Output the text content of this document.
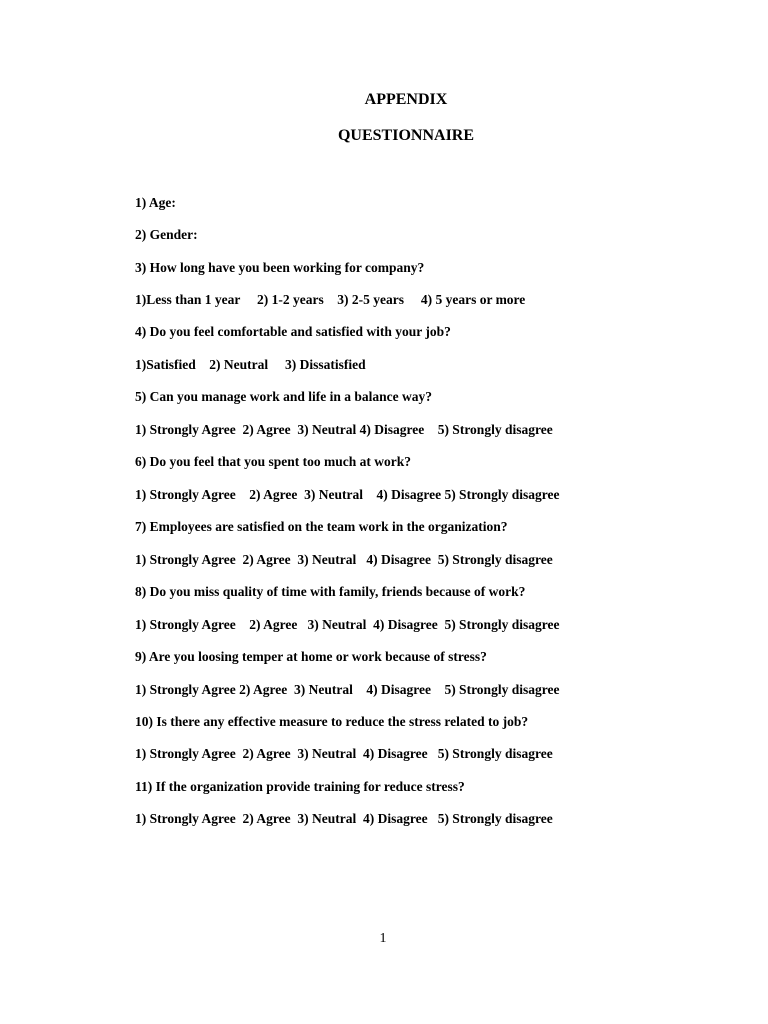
APPENDIX
QUESTIONNAIRE
1) Age:
2) Gender:
3) How long have you been working for company?
1)Less than 1 year     2) 1-2 years    3) 2-5 years     4) 5 years or more
4) Do you feel comfortable and satisfied with your job?
1)Satisfied    2) Neutral     3) Dissatisfied
5) Can you manage work and life in a balance way?
1) Strongly Agree  2) Agree  3) Neutral 4) Disagree    5) Strongly disagree
6) Do you feel that you spent too much at work?
1) Strongly Agree    2) Agree  3) Neutral    4) Disagree 5) Strongly disagree
7) Employees are satisfied on the team work in the organization?
1) Strongly Agree  2) Agree  3) Neutral   4) Disagree  5) Strongly disagree
8) Do you miss quality of time with family, friends because of work?
1) Strongly Agree    2) Agree   3) Neutral  4) Disagree  5) Strongly disagree
9) Are you loosing temper at home or work because of stress?
1) Strongly Agree 2) Agree  3) Neutral    4) Disagree    5) Strongly disagree
10) Is there any effective measure to reduce the stress related to job?
1) Strongly Agree  2) Agree  3) Neutral  4) Disagree   5) Strongly disagree
11) If the organization provide training for reduce stress?
1) Strongly Agree  2) Agree  3) Neutral  4) Disagree   5) Strongly disagree
1
